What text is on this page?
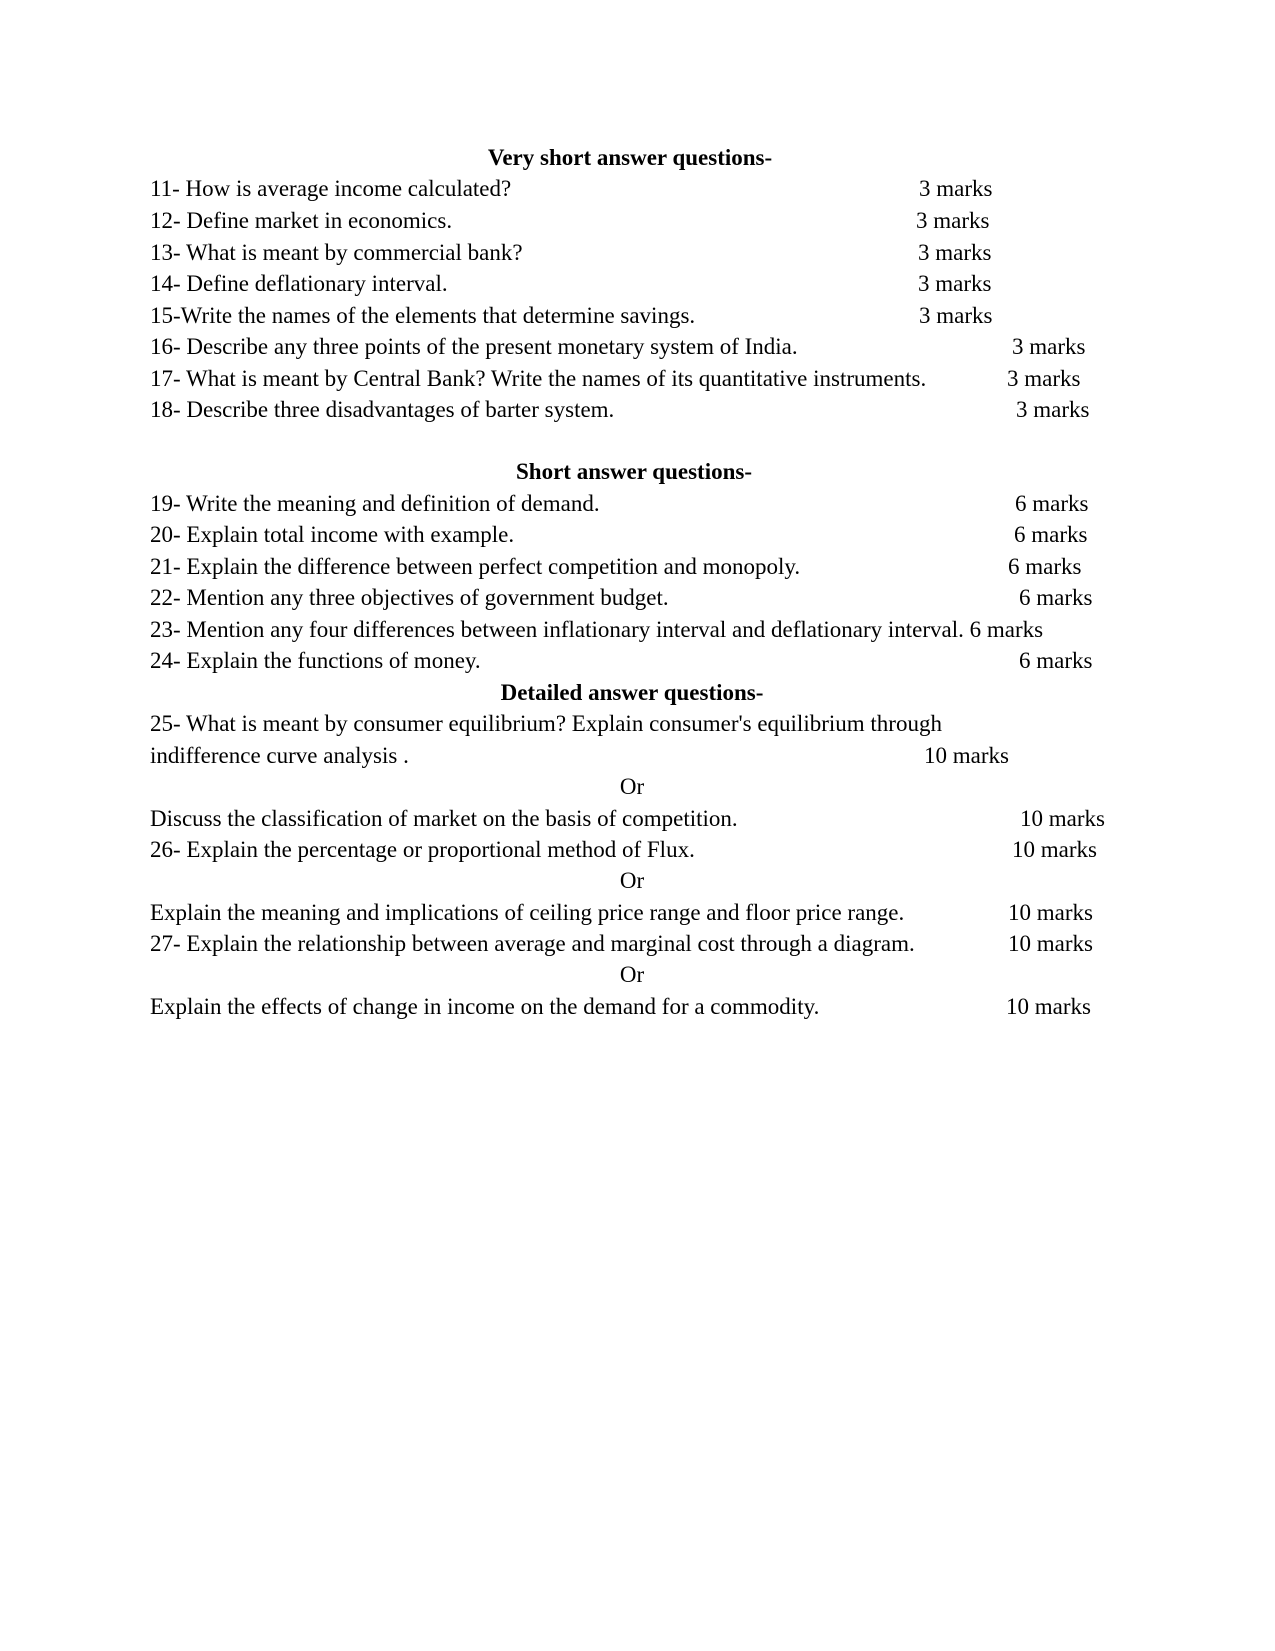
Very short answer questions-
11- How is average income calculated?	3 marks
12- Define market in economics.	3 marks
13- What is meant by commercial bank?	3 marks
14- Define deflationary interval.	3 marks
15-Write the names of the elements that determine savings.	3 marks
16- Describe any three points of the present monetary system of India.	3 marks
17- What is meant by Central Bank? Write the names of its quantitative instruments.	3 marks
18- Describe three disadvantages of barter system.	3 marks
Short answer questions-
19- Write the meaning and definition of demand.	6 marks
20- Explain total income with example.	6 marks
21- Explain the difference between perfect competition and monopoly.	6 marks
22- Mention any three objectives of government budget.	6 marks
23- Mention any four differences between inflationary interval and deflationary interval. 6 marks
24- Explain the functions of money.	6 marks
Detailed answer questions-
25- What is meant by consumer equilibrium? Explain consumer's equilibrium through
indifference curve analysis .	10 marks
Or
Discuss the classification of market on the basis of competition.	10 marks
26- Explain the percentage or proportional method of Flux.	10 marks
Or
Explain the meaning and implications of ceiling price range and floor price range.	10 marks
27- Explain the relationship between average and marginal cost through a diagram.	10 marks
Or
Explain the effects of change in income on the demand for a commodity.	10 marks
